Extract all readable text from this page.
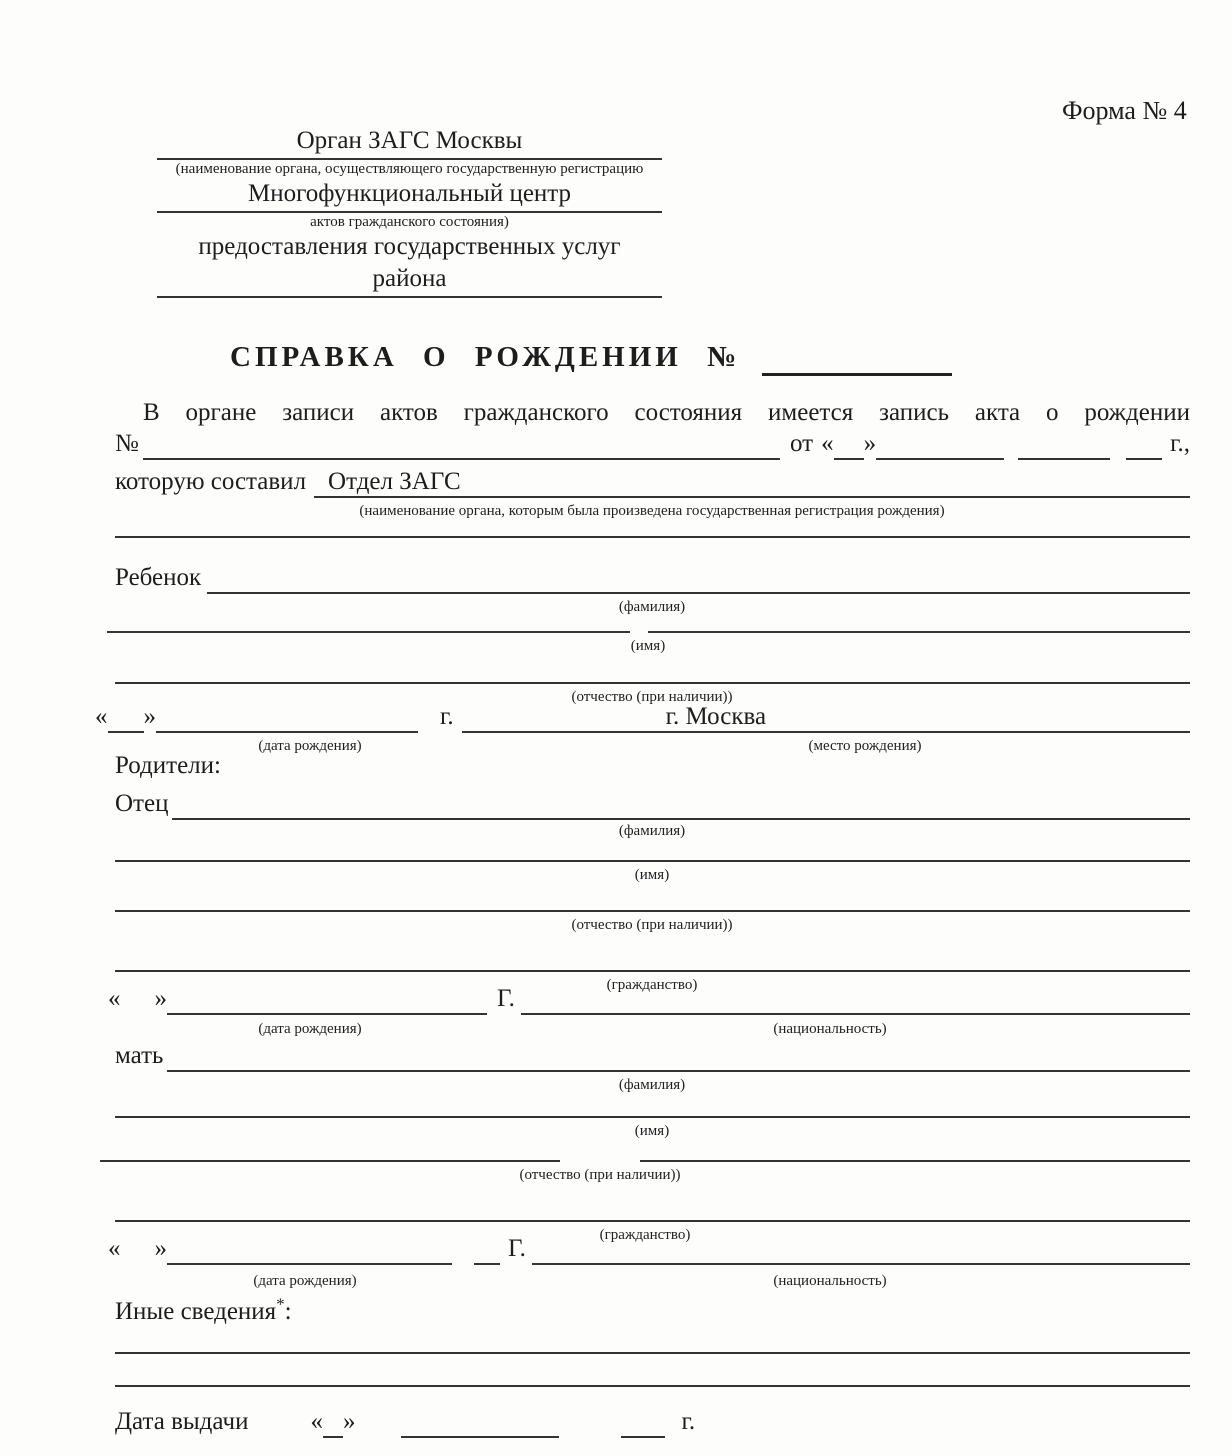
Форма № 4
Орган ЗАГС Москвы
(наименование органа, осуществляющего государственную регистрацию
Многофункциональный центр
актов гражданского состояния)
предоставления государственных услуг
района
СПРАВКА О РОЖДЕНИИ №

В органе записи актов гражданского состояния имеется запись акта о рождении

№	от « »	г.,
которую составил Отдел ЗАГС
(наименование органа, которым была произведена государственная регистрация рождения)
Ребенок
(фамилия)
(имя)
(отчество (при наличии))
« »	г.	г. Москва
(дата рождения)	(место рождения)
Родители:
Отец
(фамилия)
(имя)
(отчество (при наличии))
(гражданство)
« »	Г.
(дата рождения)	(национальность)
мать
(фамилия)
(имя)
(отчество (при наличии))
(гражданство)
« »	Г.
(дата рождения)	(национальность)
Иные сведения*:
Дата выдачи « »	г.
